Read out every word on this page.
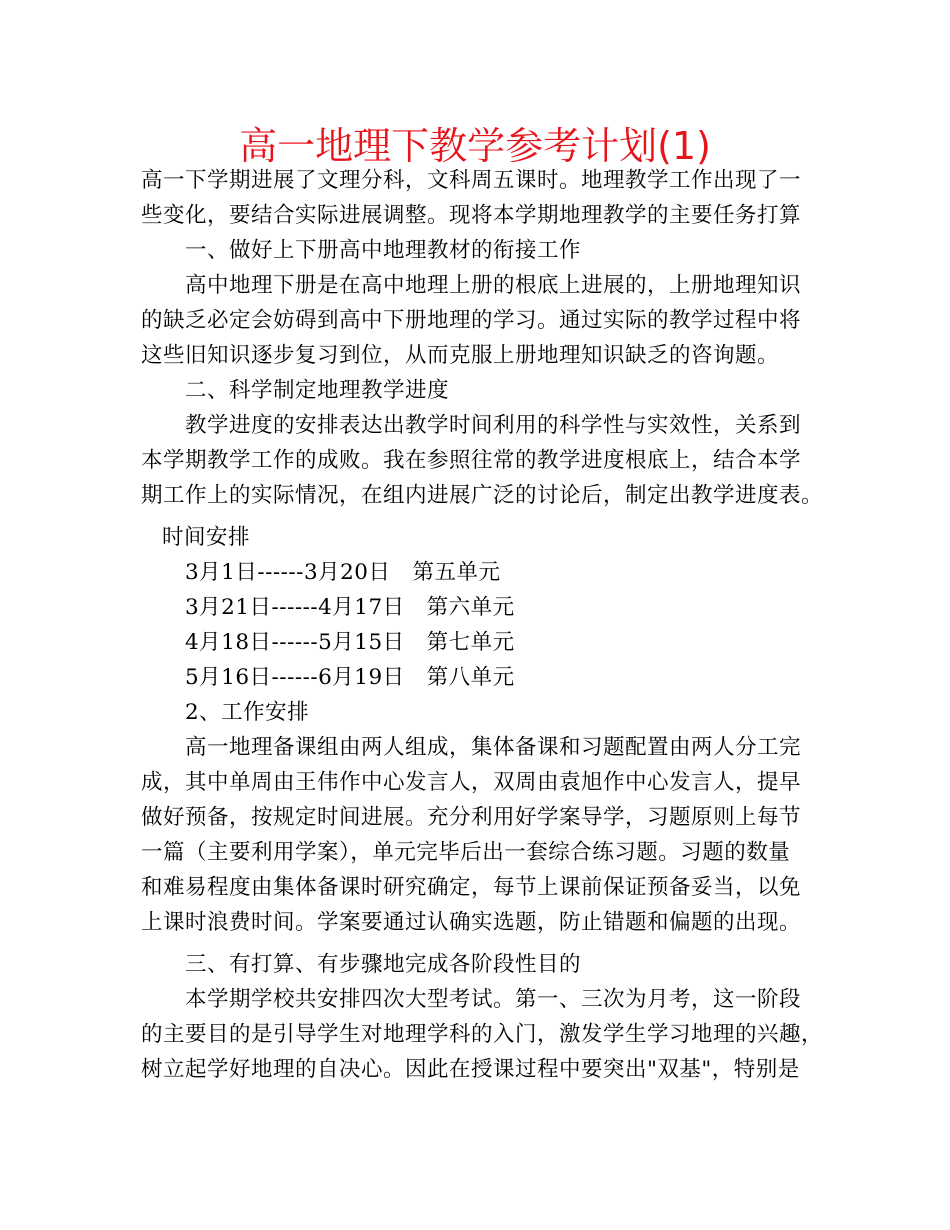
高一地理下教学参考计划(1)
高一下学期进展了文理分科，文科周五课时。地理教学工作出现了一
些变化，要结合实际进展调整。现将本学期地理教学的主要任务打算
一、做好上下册高中地理教材的衔接工作
高中地理下册是在高中地理上册的根底上进展的，上册地理知识
的缺乏必定会妨碍到高中下册地理的学习。通过实际的教学过程中将
这些旧知识逐步复习到位，从而克服上册地理知识缺乏的咨询题。
二、科学制定地理教学进度
教学进度的安排表达出教学时间利用的科学性与实效性，关系到
本学期教学工作的成败。我在参照往常的教学进度根底上，结合本学
期工作上的实际情况，在组内进展广泛的讨论后，制定出教学进度表。
时间安排
3月1日------3月20日　第五单元
3月21日------4月17日　第六单元
4月18日------5月15日　第七单元
5月16日------6月19日　第八单元
2、工作安排
高一地理备课组由两人组成，集体备课和习题配置由两人分工完
成，其中单周由王伟作中心发言人，双周由袁旭作中心发言人，提早
做好预备，按规定时间进展。充分利用好学案导学，习题原则上每节
一篇（主要利用学案），单元完毕后出一套综合练习题。习题的数量
和难易程度由集体备课时研究确定，每节上课前保证预备妥当，以免
上课时浪费时间。学案要通过认确实选题，防止错题和偏题的出现。
三、有打算、有步骤地完成各阶段性目的
本学期学校共安排四次大型考试。第一、三次为月考，这一阶段
的主要目的是引导学生对地理学科的入门，激发学生学习地理的兴趣，
树立起学好地理的自决心。因此在授课过程中要突出"双基"，特别是
